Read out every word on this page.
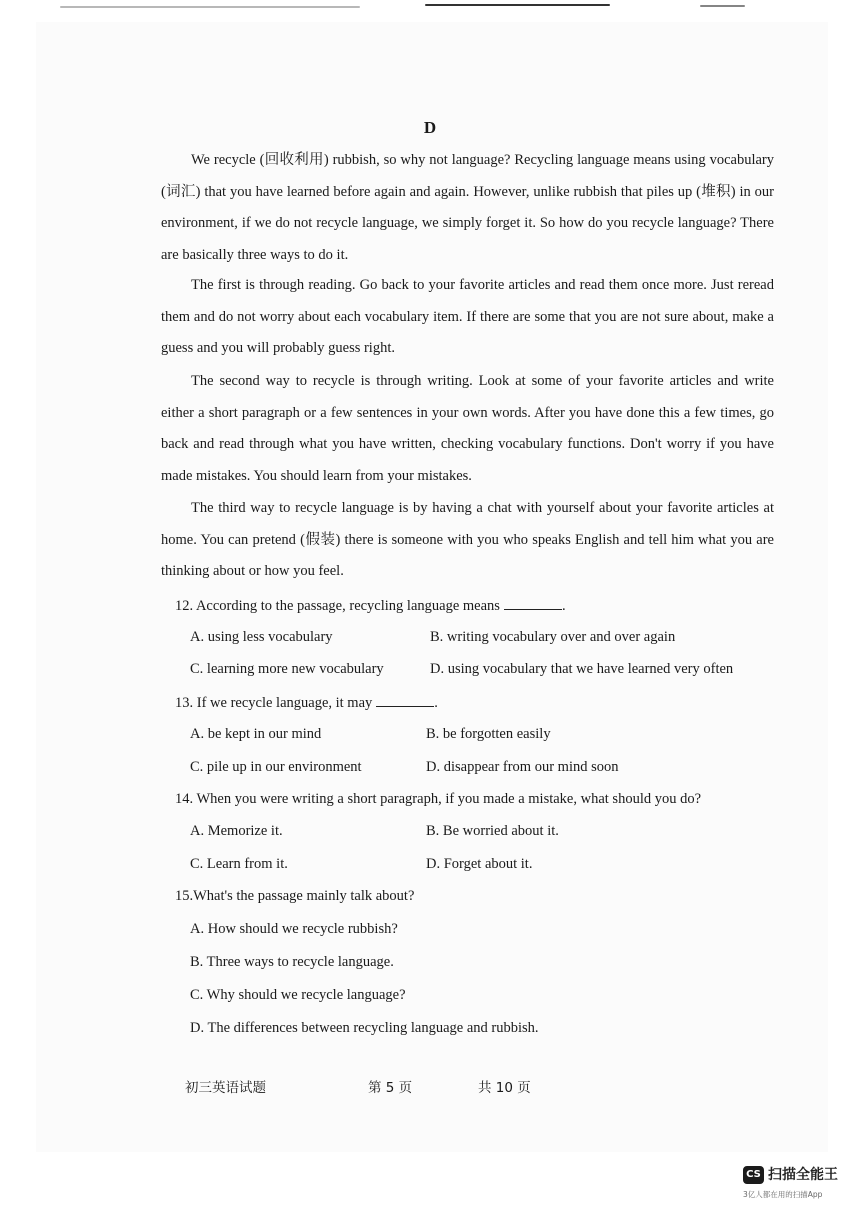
D

We recycle (回收利用) rubbish, so why not language? Recycling language means using vocabulary (词汇) that you have learned before again and again. However, unlike rubbish that piles up (堆积) in our environment, if we do not recycle language, we simply forget it. So how do you recycle language? There are basically three ways to do it.

The first is through reading. Go back to your favorite articles and read them once more. Just reread them and do not worry about each vocabulary item. If there are some that you are not sure about, make a guess and you will probably guess right.

The second way to recycle is through writing. Look at some of your favorite articles and write either a short paragraph or a few sentences in your own words. After you have done this a few times, go back and read through what you have written, checking vocabulary functions. Don't worry if you have made mistakes. You should learn from your mistakes.

The third way to recycle language is by having a chat with yourself about your favorite articles at home. You can pretend (假装) there is someone with you who speaks English and tell him what you are thinking about or how you feel.

12. According to the passage, recycling language means	.
A. using less vocabulary	B. writing vocabulary over and over again
C. learning more new vocabulary	D. using vocabulary that we have learned very often
13. If we recycle language, it may	.
A. be kept in our mind	B. be forgotten easily
C. pile up in our environment	D. disappear from our mind soon
14. When you were writing a short paragraph, if you made a mistake, what should you do?
A. Memorize it.	B. Be worried about it.
C. Learn from it.	D. Forget about it.
15.What's the passage mainly talk about?
A. How should we recycle rubbish?
B. Three ways to recycle language.
C. Why should we recycle language?
D. The differences between recycling language and rubbish.
初三英语试题	第 5 页	共 10 页
CS 扫描全能王
3亿人都在用的扫描App
